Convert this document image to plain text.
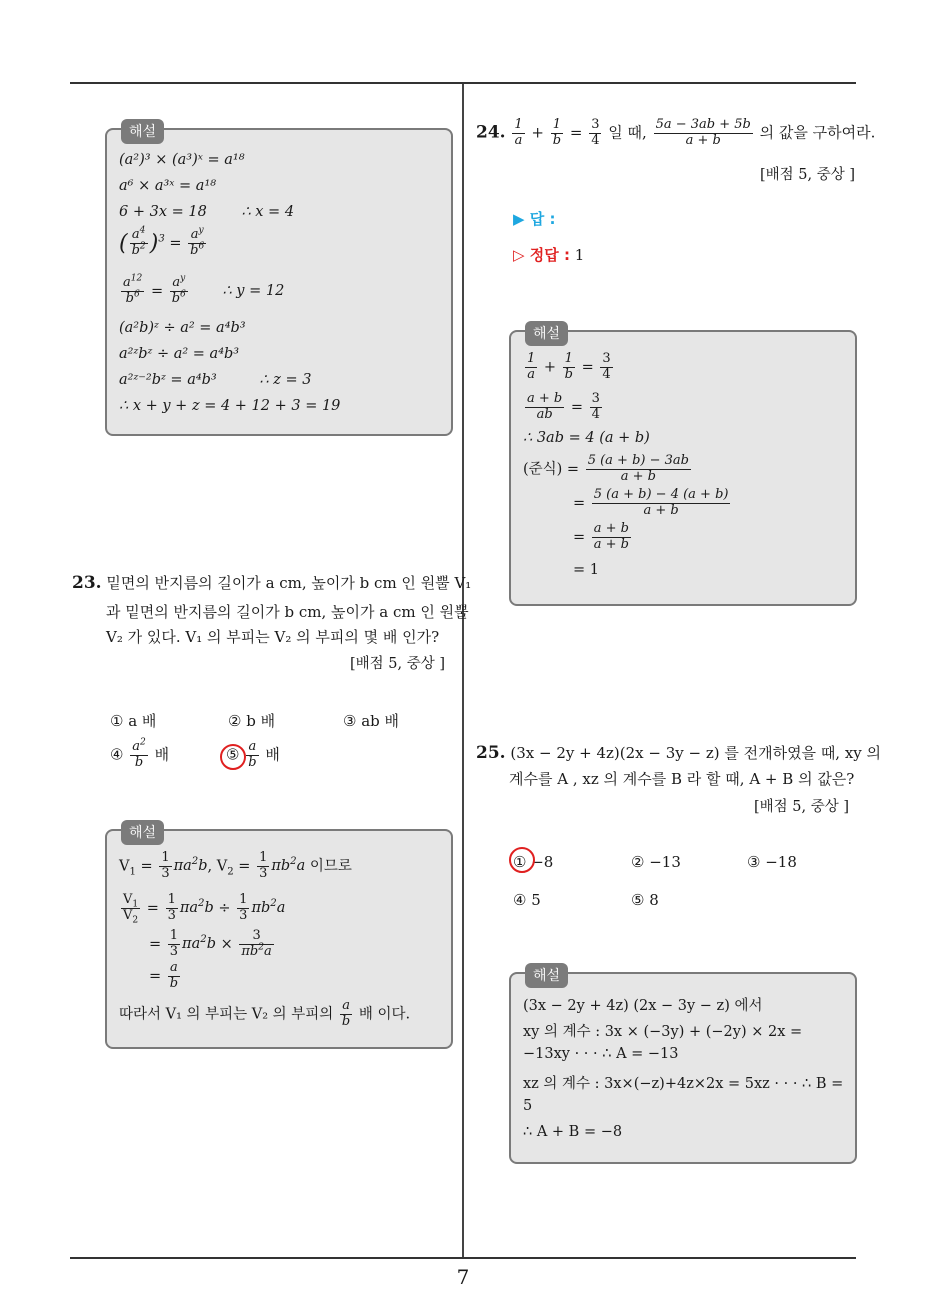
해설
(a²)³ × (a³)ˣ = a¹⁸
a⁶ × a³ˣ = a¹⁸
6 + 3x = 18 ∴ x = 4
( $\frac{a^4}{b^2} )^3 = \frac{a^y}{b^6}$
$\frac{a^{12}}{b^6} = \frac{a^y}{b^6}$ ∴ y = 12
(a²b)ᶻ ÷ a² = a⁴b³
a²ᶻbᶻ ÷ a² = a⁴b³
a²ᶻ⁻²bᶻ = a⁴b³	∴ z = 3
∴ x + y + z = 4 + 12 + 3 = 19
23. 밑면의 반지름의 길이가 a cm, 높이가 b cm 인 원뿔 V₁
과 밑면의 반지름의 길이가 b cm, 높이가 a cm 인 원뿔
V₂ 가 있다. V₁ 의 부피는 V₂ 의 부피의 몇 배 인가?
[배점 5, 중상 ]
① a 배	② b 배	③ ab 배
④ $\frac{a^2}{b}$ 배	⑤ $\frac{a}{b}$ 배
해설
$V_1 = \frac{1}{3} \pi a^2b$, $V_2 = \frac{1}{3} \pi b^2a$ 이므로
$\frac{V_1}{V_2} = \frac{1}{3} \pi a^2b \div \frac{1}{3} \pi b^2a$
= $\frac{1}{3} \pi a^2b \times \frac{3}{\pi b^2a}$
= $\frac{a}{b}$
따라서 V₁ 의 부피는 V₂ 의 부피의 $\frac{a}{b}$ 배 이다.
24. $\frac{1}{a} + \frac{1}{b} = \frac{3}{4}$ 일 때, $\frac{5a - 3ab + 5b}{a + b}$ 의 값을 구하여라.
[배점 5, 중상 ]
▶ 답 :
▷ 정답 : 1
해설
$\frac{1}{a} + \frac{1}{b} = \frac{3}{4}$
$\frac{a + b}{ab} = \frac{3}{4}$
∴ 3ab = 4 (a + b)
(준식) = $\frac{5 (a + b) - 3ab}{a + b}$
= $\frac{5 (a + b) - 4 (a + b)}{a + b}$
= $\frac{a + b}{a + b}$
= 1
25. (3x − 2y + 4z)(2x − 3y − z) 를 전개하였을 때, xy 의
계수를 A , xz 의 계수를 B 라 할 때, A + B 의 값은?
[배점 5, 중상 ]
① −8	② −13	③ −18
④ 5	⑤ 8
해설
(3x − 2y + 4z) (2x − 3y − z) 에서
xy 의 계수 : 3x × (−3y) + (−2y) × 2x =
−13xy · · · ∴ A = −13
xz 의 계수 : 3x×(−z)+4z×2x = 5xz · · · ∴ B =
5
∴ A + B = −8
7
